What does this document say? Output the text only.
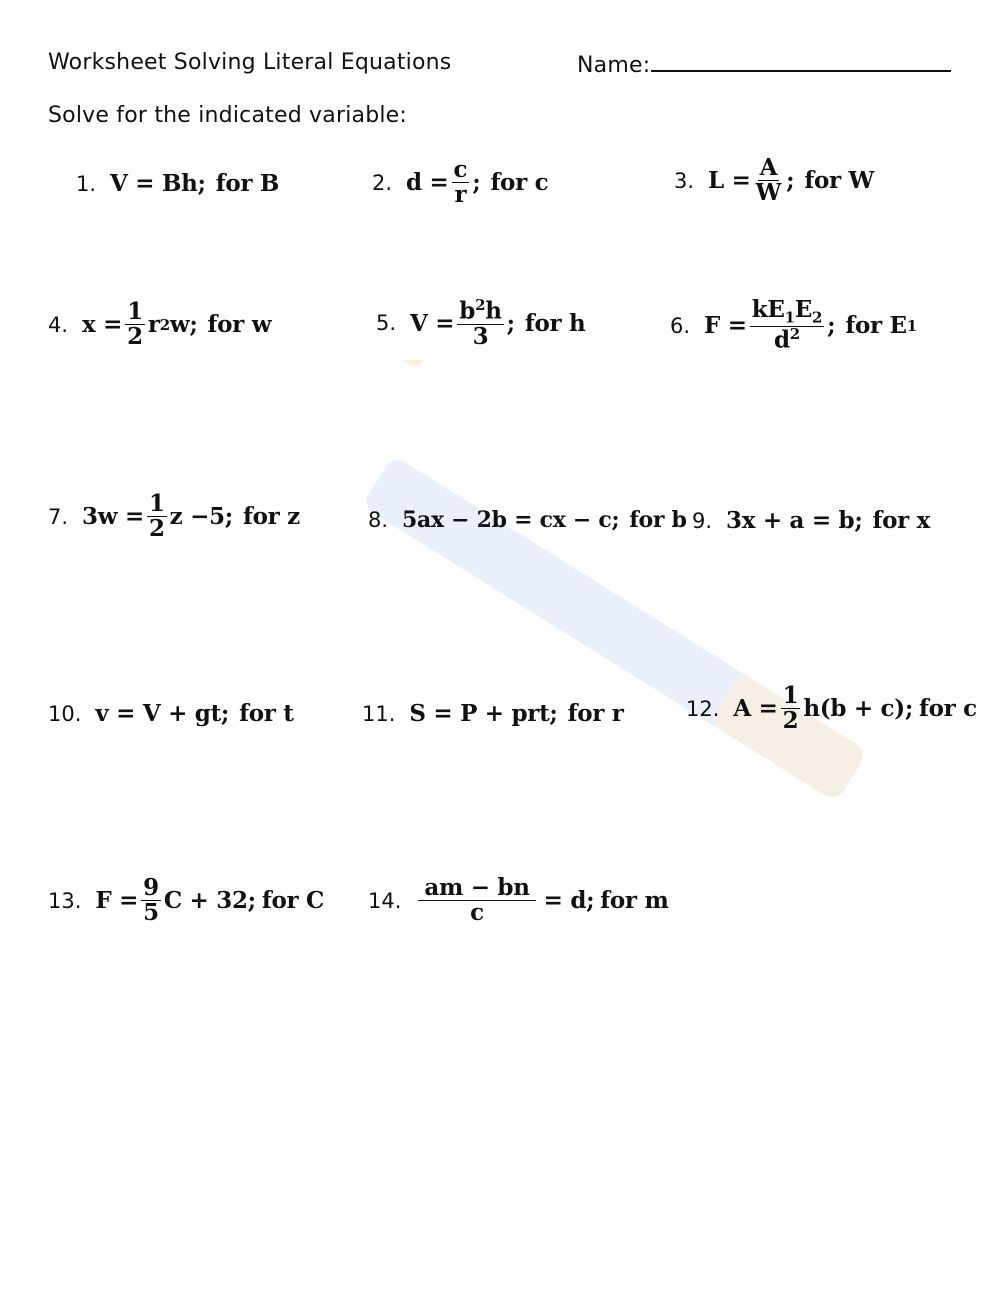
Worksheet Solving Literal Equations	Name:
Solve for the indicated variable:
1. V = Bh; for B	2. $d = \frac{c}{r}$ ; for c	3. $L = \frac{A}{W}$ ; for W
4. $x = \frac{1}{2}$ r 2 w; for w	5. $V = \frac{b^2h}{3}$ ; for h	6. $F = \frac{kE_1E_2}{d^2}$ ; for E 1
7. $3w = \frac{1}{2}$ z −5; for z	8. 5ax − 2b = cx − c; for b 9. 3x + a = b; for x
10. v = V + gt; for t	11. S = P + prt; for r	12. $A = \frac{1}{2} h(b + c)$; for c
13. $F = \frac{9}{5}$ C + 32; for C 14. $\frac{am - bn}{c} = d$; for m
